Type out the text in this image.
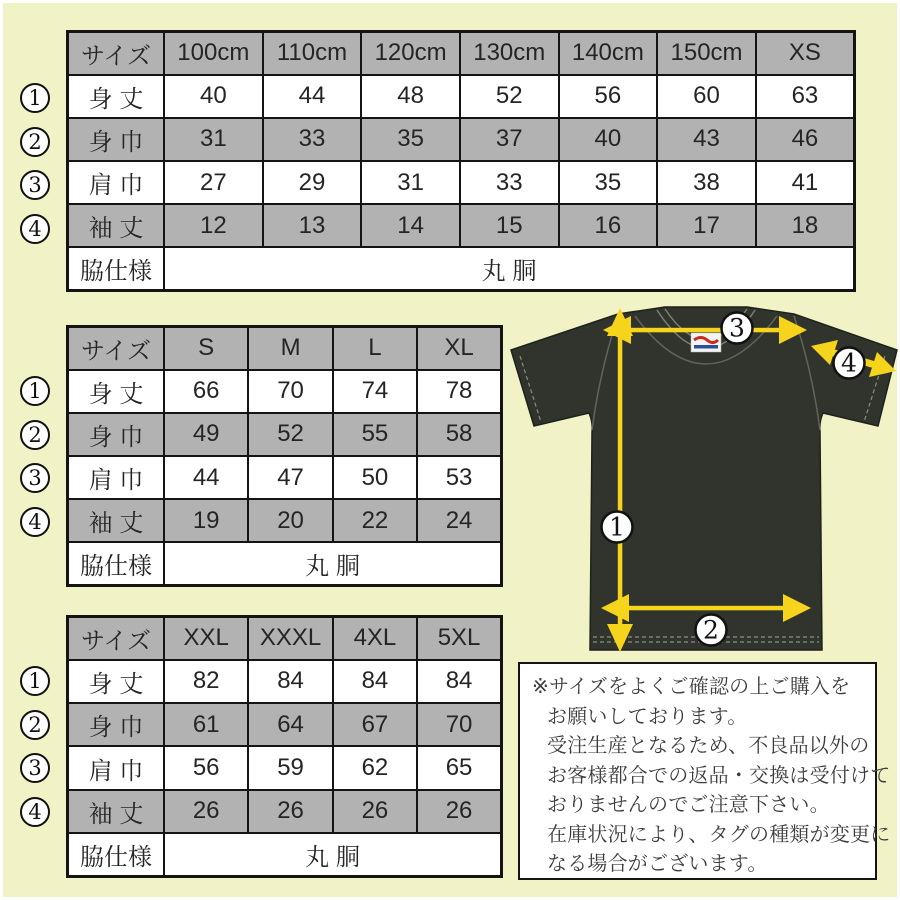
1
2
3
4
1
2
3
4
1
2
3
4
サイズ	100cm	110cm	120cm	130cm	140cm	150cm	XS
身 丈	40	44	48	52	56	60	63
身 巾	31	33	35	37	40	43	46
肩 巾	27	29	31	33	35	38	41
袖 丈	12	13	14	15	16	17	18
脇仕様	丸 胴						
サイズ	S	M	L	XL
身 丈	66	70	74	78
身 巾	49	52	55	58
肩 巾	44	47	50	53
袖 丈	19	20	22	24
脇仕様	丸 胴			
サイズ	XXL	XXXL	4XL	5XL
身 丈	82	84	84	84
身 巾	61	64	67	70
肩 巾	56	59	62	65
袖 丈	26	26	26	26
脇仕様	丸 胴			
3
4
1
2
※サイズをよくご確認の上ご購入を
お願いしております。
受注生産となるため、不良品以外の
お客様都合での返品・交換は受付けて
おりませんのでご注意下さい。
在庫状況により、タグの種類が変更に
なる場合がございます。
